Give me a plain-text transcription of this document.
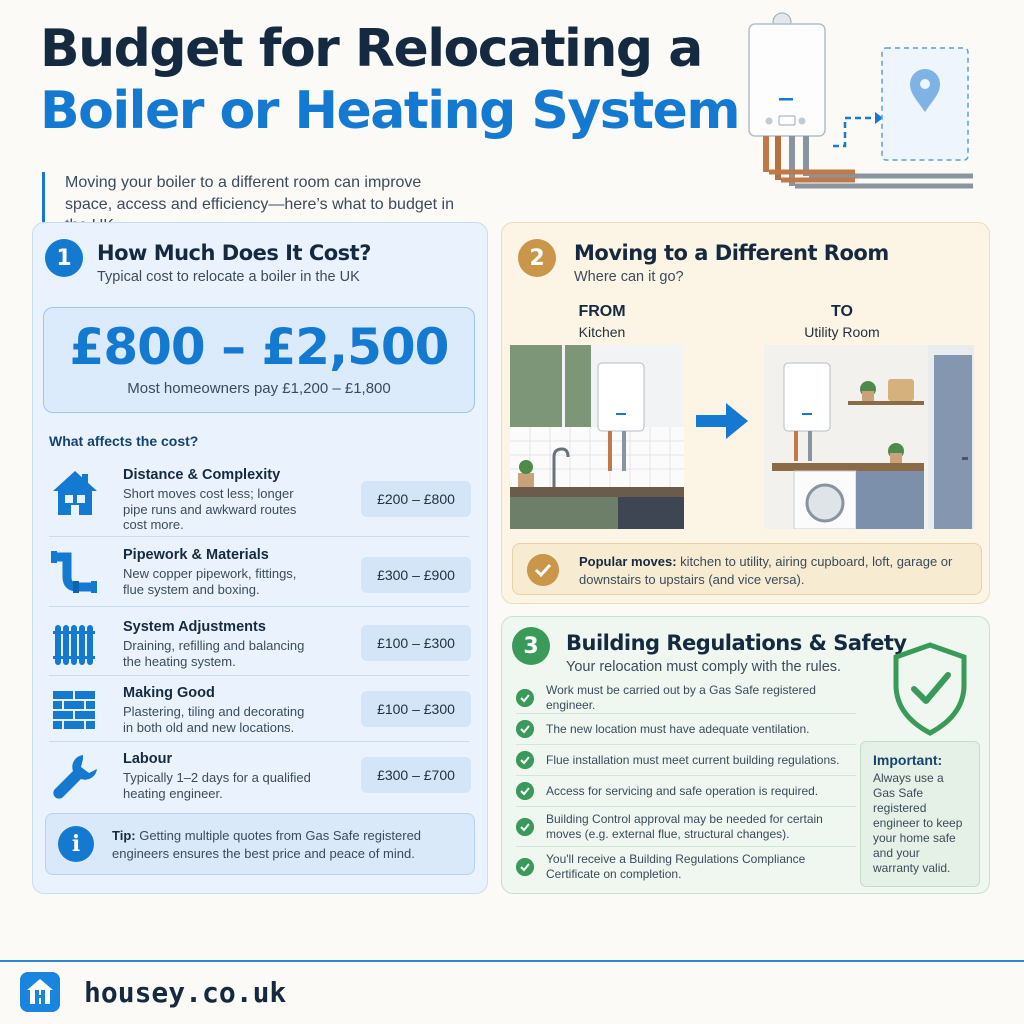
Budget for Relocating a
Boiler or Heating System

Moving your boiler to a different room can improve space, access and efficiency—here’s what to budget in

1	How Much Does It Cost?

Typical cost to relocate a boiler in the UK

£800 – £2,500
Most homeowners pay £1,200 – £1,800
What affects the cost?
Distance & Complexity
Short moves cost less; longer pipe runs and awkward routes cost more.
£200 – £800
Pipework & Materials
New copper pipework, fittings, flue system and boxing.
£300 – £900
System Adjustments
Draining, refilling and balancing the heating system.
£100 – £300
Making Good
Plastering, tiling and decorating in both old and new locations.
£100 – £300
Labour
Typically 1–2 days for a qualified heating engineer.
£300 – £700
i	Tip: Getting multiple quotes from Gas Safe registered engineers ensures the best price and peace of mind.

2	Moving to a Different Room

Where can it go?

FROM
Kitchen
TO
Utility Room

Popular moves: kitchen to utility, airing cupboard, loft, garage or downstairs to upstairs (and vice versa).

3	Building Regulations & Safety

Your relocation must comply with the rules.

Work must be carried out by a Gas Safe registered engineer.
The new location must have adequate ventilation.
Flue installation must meet current building regulations.
Access for servicing and safe operation is required.
Building Control approval may be needed for certain moves (e.g. external flue, structural changes).
You'll receive a Building Regulations Compliance Certificate on completion.
Important:
Always use a Gas Safe registered engineer to keep your home safe and your warranty valid.
housey.co.uk
